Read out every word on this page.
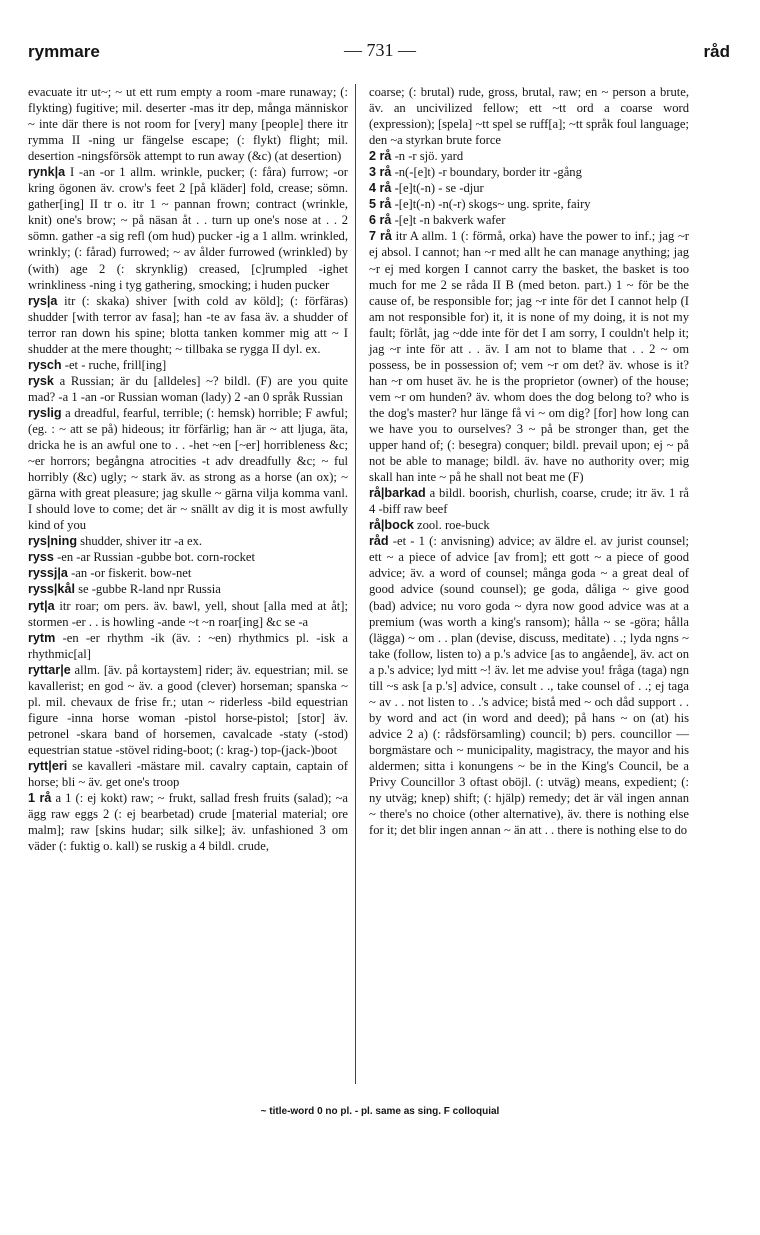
rymmare	— 731 —	råd

evacuate itr ut~; ~ ut ett rum empty a room -mare runaway; (: flykting) fugitive; mil. deserter -mas itr dep, många människor ~ inte där there is not room for [very] many [people] there itr rymma II -ning ur fängelse escape; (: flykt) flight; mil. desertion -ningsförsök attempt to run away (&c) (at desertion)

rynk|a I -an -or 1 allm. wrinkle, pucker; (: fåra) furrow; -or kring ögonen äv. crow's feet 2 [på kläder] fold, crease; sömn. gather[ing] II tr o. itr 1 ~ pannan frown; contract (wrinkle, knit) one's brow; ~ på näsan åt . . turn up one's nose at . . 2 sömn. gather -a sig refl (om hud) pucker -ig a 1 allm. wrinkled, wrinkly; (: fårad) furrowed; ~ av ålder furrowed (wrinkled) by (with) age 2 (: skrynklig) creased, [c]rumpled -ighet wrinkliness -ning i tyg gathering, smocking; i huden pucker

rys|a itr (: skaka) shiver [with cold av köld]; (: förfäras) shudder [with terror av fasa]; han -te av fasa äv. a shudder of terror ran down his spine; blotta tanken kommer mig att ~ I shudder at the mere thought; ~ tillbaka se rygga II dyl. ex.

rysch -et - ruche, frill[ing]

rysk a Russian; är du [alldeles] ~? bildl. (F) are you quite mad? -a 1 -an -or Russian woman (lady) 2 -an 0 språk Russian

ryslig a dreadful, fearful, terrible; (: hemsk) horrible; F awful; (eg. : ~ att se på) hideous; itr förfärlig; han är ~ att ljuga, äta, dricka he is an awful one to . . -het ~en [~er] horribleness &c; ~er horrors; begångna atrocities -t adv dreadfully &c; ~ ful horribly (&c) ugly; ~ stark äv. as strong as a horse (an ox); ~ gärna with great pleasure; jag skulle ~ gärna vilja komma vanl. I should love to come; det är ~ snällt av dig it is most awfully kind of you

rys|ning shudder, shiver itr -a ex.

ryss -en -ar Russian -gubbe bot. corn-rocket

ryssj|a -an -or fiskerit. bow-net

ryss|kål se -gubbe R-land npr Russia

ryt|a itr roar; om pers. äv. bawl, yell, shout [alla med at åt]; stormen -er . . is howling -ande ~t ~n roar[ing] &c se -a

rytm -en -er rhythm -ik (äv. : ~en) rhythmics pl. -isk a rhythmic[al]

ryttar|e allm. [äv. på kortaystem] rider; äv. equestrian; mil. se kavallerist; en god ~ äv. a good (clever) horseman; spanska ~ pl. mil. chevaux de frise fr.; utan ~ riderless -bild equestrian figure -inna horse woman -pistol horse-pistol; [stor] äv. petronel -skara band of horsemen, cavalcade -staty (-stod) equestrian statue -stövel riding-boot; (: krag-) top-(jack-)boot

rytt|eri se kavalleri -mästare mil. cavalry captain, captain of horse; bli ~ äv. get one's troop

1 rå a 1 (: ej kokt) raw; ~ frukt, sallad fresh fruits (salad); ~a ägg raw eggs 2 (: ej bearbetad) crude [material material; ore malm]; raw [skins hudar; silk silke]; äv. unfashioned 3 om väder (: fuktig o. kall) se ruskig a 4 bildl. crude,

coarse; (: brutal) rude, gross, brutal, raw; en ~ person a brute, äv. an uncivilized fellow; ett ~tt ord a coarse word (expression); [spela] ~tt spel se ruff[a]; ~tt språk foul language; den ~a styrkan brute force

2 rå -n -r sjö. yard

3 rå -n(-[e]t) -r boundary, border itr -gång

4 rå -[e]t(-n) - se -djur

5 rå -[e]t(-n) -n(-r) skogs~ ung. sprite, fairy

6 rå -[e]t -n bakverk wafer

7 rå itr A allm. 1 (: förmå, orka) have the power to inf.; jag ~r ej absol. I cannot; han ~r med allt he can manage anything; jag ~r ej med korgen I cannot carry the basket, the basket is too much for me 2 se råda II B (med beton. part.) 1 ~ för be the cause of, be responsible for; jag ~r inte för det I cannot help (I am not responsible for) it, it is none of my doing, it is not my fault; förlåt, jag ~dde inte för det I am sorry, I couldn't help it; jag ~r inte för att . . äv. I am not to blame that . . 2 ~ om possess, be in possession of; vem ~r om det? äv. whose is it? han ~r om huset äv. he is the proprietor (owner) of the house; vem ~r om hunden? äv. whom does the dog belong to? who is the dog's master? hur länge få vi ~ om dig? [for] how long can we have you to ourselves? 3 ~ på be stronger than, get the upper hand of; (: besegra) conquer; bildl. prevail upon; ej ~ på not be able to manage; bildl. äv. have no authority over; mig skall han inte ~ på he shall not beat me (F)

rå|barkad a bildl. boorish, churlish, coarse, crude; itr äv. 1 rå 4 -biff raw beef

rå|bock zool. roe-buck

råd -et - 1 (: anvisning) advice; av äldre el. av jurist counsel; ett ~ a piece of advice [av from]; ett gott ~ a piece of good advice; äv. a word of counsel; många goda ~ a great deal of good advice (sound counsel); ge goda, dåliga ~ give good (bad) advice; nu voro goda ~ dyra now good advice was at a premium (was worth a king's ransom); hålla ~ se -göra; hålla (lägga) ~ om . . plan (devise, discuss, meditate) . .; lyda ngns ~ take (follow, listen to) a p.'s advice [as to angående], äv. act on a p.'s advice; lyd mitt ~! äv. let me advise you! fråga (taga) ngn till ~s ask [a p.'s] advice, consult . ., take counsel of . .; ej taga ~ av . . not listen to . .'s advice; bistå med ~ och dåd support . . by word and act (in word and deed); på hans ~ on (at) his advice 2 a) (: rådsförsamling) council; b) pers. councillor — borgmästare och ~ municipality, magistracy, the mayor and his aldermen; sitta i konungens ~ be in the King's Council, be a Privy Councillor 3 oftast oböjl. (: utväg) means, expedient; (: ny utväg; knep) shift; (: hjälp) remedy; det är väl ingen annan ~ there's no choice (other alternative), äv. there is nothing else for it; det blir ingen annan ~ än att . . there is nothing else to do

~ title-word 0 no pl. - pl. same as sing. F colloquial
